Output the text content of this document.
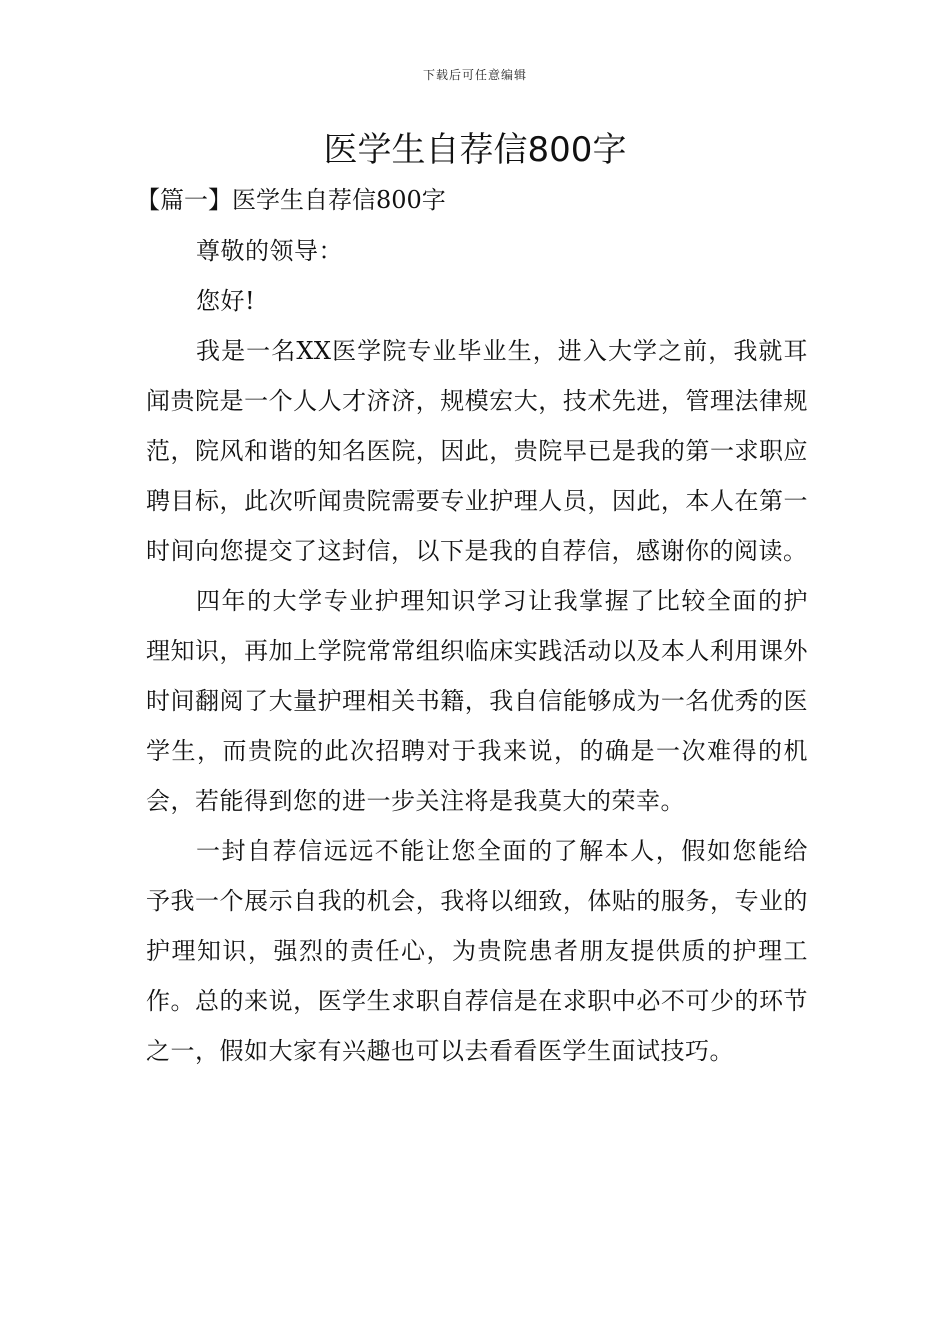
下载后可任意编辑
医学生自荐信800字
【篇一】医学生自荐信800字

尊敬的领导：

您好!

我是一名XX医学院专业毕业生，进入大学之前，我就耳闻贵院是一个人人才济济，规模宏大，技术先进，管理法律规范，院风和谐的知名医院，因此，贵院早已是我的第一求职应聘目标，此次听闻贵院需要专业护理人员，因此，本人在第一时间向您提交了这封信，以下是我的自荐信，感谢你的阅读。

四年的大学专业护理知识学习让我掌握了比较全面的护理知识，再加上学院常常组织临床实践活动以及本人利用课外时间翻阅了大量护理相关书籍，我自信能够成为一名优秀的医学生，而贵院的此次招聘对于我来说，的确是一次难得的机会，若能得到您的进一步关注将是我莫大的荣幸。

一封自荐信远远不能让您全面的了解本人，假如您能给予我一个展示自我的机会，我将以细致，体贴的服务，专业的护理知识，强烈的责任心，为贵院患者朋友提供质的护理工作。总的来说，医学生求职自荐信是在求职中必不可少的环节之一，假如大家有兴趣也可以去看看医学生面试技巧。
